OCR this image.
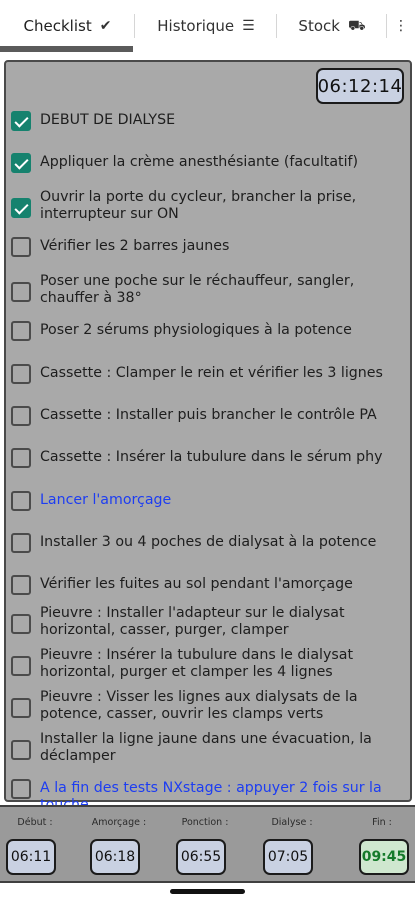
Checklist ✔	Historique ☰	Stock ⛟ ⋮
06:12:14
DEBUT DE DIALYSE
Appliquer la crème anesthésiante (facultatif)
Ouvrir la porte du cycleur, brancher la prise, interrupteur sur ON
Vérifier les 2 barres jaunes
Poser une poche sur le réchauffeur, sangler, chauffer à 38°
Poser 2 sérums physiologiques à la potence
Cassette : Clamper le rein et vérifier les 3 lignes
Cassette : Installer puis brancher le contrôle PA
Cassette : Insérer la tubulure dans le sérum phy
Lancer l'amorçage
Installer 3 ou 4 poches de dialysat à la potence
Vérifier les fuites au sol pendant l'amorçage
Pieuvre : Installer l'adapteur sur le dialysat horizontal, casser, purger, clamper
Pieuvre : Insérer la tubulure dans le dialysat horizontal, purger et clamper les 4 lignes
Pieuvre : Visser les lignes aux dialysats de la potence, casser, ouvrir les clamps verts
Installer la ligne jaune dans une évacuation, la déclamper
A la fin des tests NXstage : appuyer 2 fois sur la
Début :
06:11
Amorçage :
06:18
Ponction :
06:55
Dialyse :
07:05
Fin :
09:45
